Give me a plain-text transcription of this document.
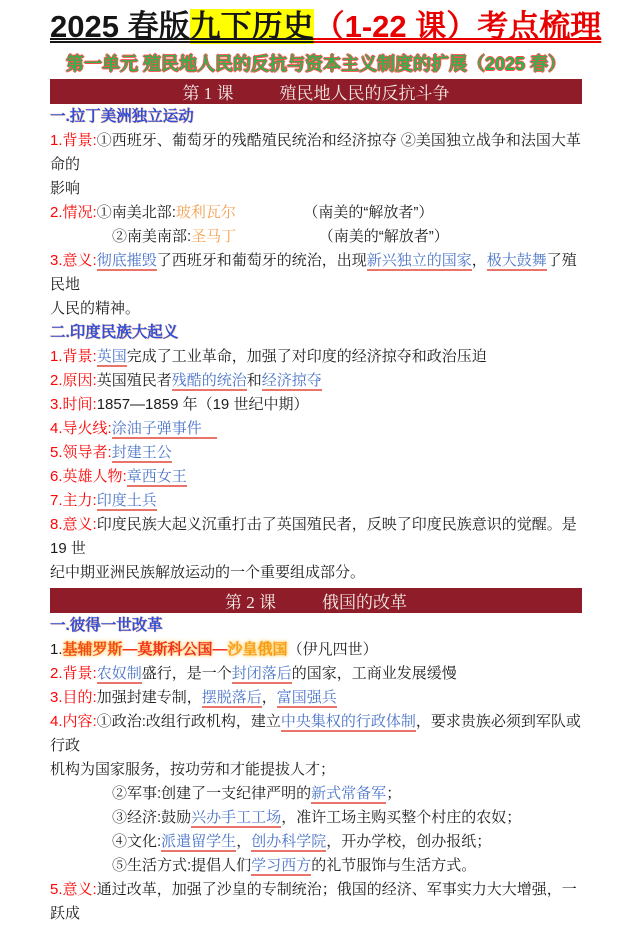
2025 春版九下历史（1-22 课）考点梳理
第一单元 殖民地人民的反抗与资本主义制度的扩展（2025 春）
第 1 课	殖民地人民的反抗斗争
一.拉丁美洲独立运动
1.背景:①西班牙、葡萄牙的残酷殖民统治和经济掠夺 ②美国独立战争和法国大革命的
影响
2.情况:①南美北部:玻利瓦尔　　　　　	（南美的“解放者”）
②南美南部:圣马丁　　　　　　	（南美的“解放者”）
3.意义:彻底摧毁了西班牙和葡萄牙的统治，出现新兴独立的国家，极大鼓舞了殖民地
人民的精神。
二.印度民族大起义
1.背景:英国完成了工业革命，加强了对印度的经济掠夺和政治压迫
2.原因:英国殖民者残酷的统治和经济掠夺
3.时间:1857—1859 年（19 世纪中期）
4.导火线:涂油子弹事件　
5.领导者:封建王公
6.英雄人物:章西女王
7.主力:印度土兵
8.意义:印度民族大起义沉重打击了英国殖民者，反映了印度民族意识的觉醒。是 19 世
纪中期亚洲民族解放运动的一个重要组成部分。
第 2 课	俄国的改革
一.彼得一世改革
1.基辅罗斯—莫斯科公国—沙皇俄国（伊凡四世）
2.背景:农奴制盛行，是一个封闭落后的国家，工商业发展缓慢
3.目的:加强封建专制，摆脱落后，富国强兵
4.内容:①政治:改组行政机构，建立中央集权的行政体制，要求贵族必须到军队或行政
机构为国家服务，按功劳和才能提拔人才；
②军事:创建了一支纪律严明的新式常备军；
③经济:鼓励兴办手工工场，准许工场主购买整个村庄的农奴；
④文化:派遣留学生，创办科学院，开办学校，创办报纸；
⑤生活方式:提倡人们学习西方的礼节服饰与生活方式。
5.意义:通过改革，加强了沙皇的专制统治；俄国的经济、军事实力大大增强，一跃成
